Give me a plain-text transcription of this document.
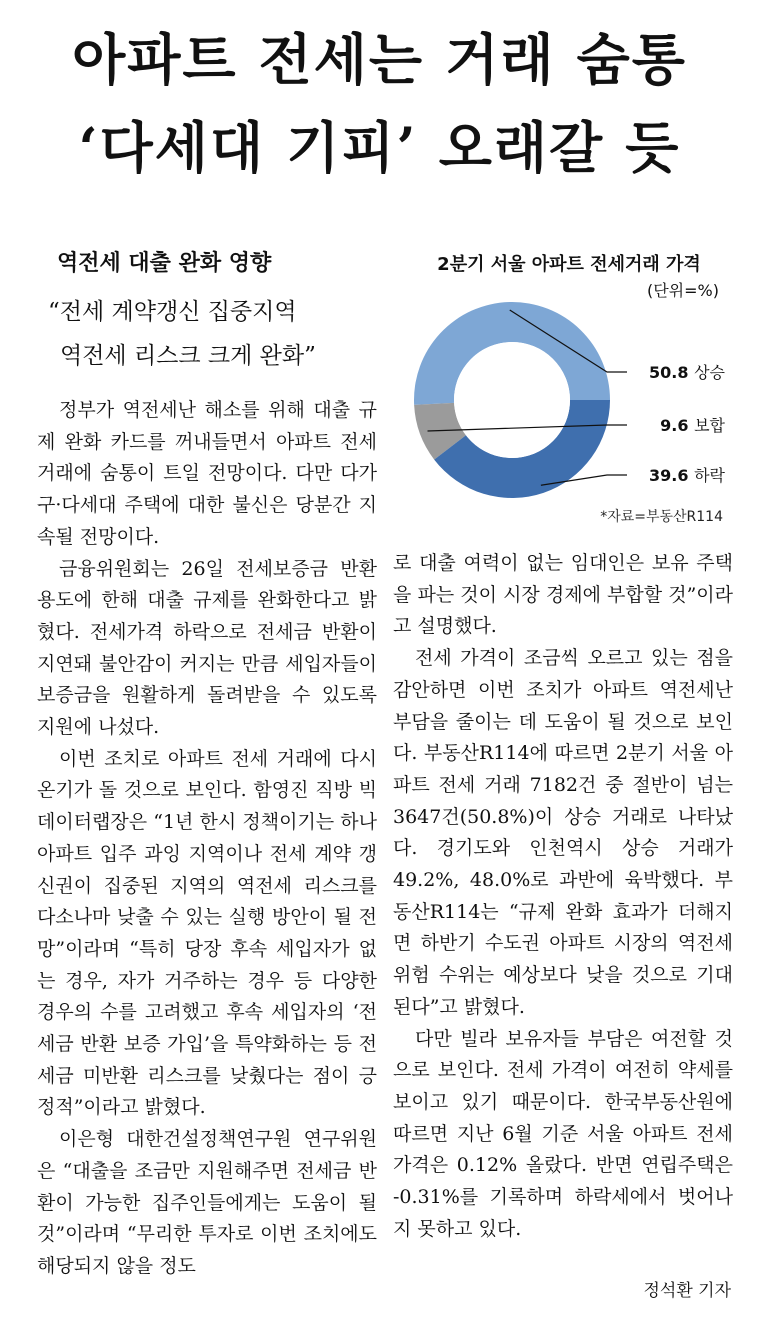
아파트 전세는 거래 숨통
‘다세대 기피’ 오래갈 듯
역전세 대출 완화 영향
“전세 계약갱신 집중지역
역전세 리스크 크게 완화”
2분기 서울 아파트 전세거래 가격
(단위=%)
50.8 상승
9.6 보합
39.6 하락
*자료=부동산R114

정부가 역전세난 해소를 위해 대출 규제 완화 카드를 꺼내들면서 아파트 전세 거래에 숨통이 트일 전망이다. 다만 다가구·다세대 주택에 대한 불신은 당분간 지속될 전망이다.

금융위원회는 26일 전세보증금 반환 용도에 한해 대출 규제를 완화한다고 밝혔다. 전세가격 하락으로 전세금 반환이 지연돼 불안감이 커지는 만큼 세입자들이 보증금을 원활하게 돌려받을 수 있도록 지원에 나섰다.

이번 조치로 아파트 전세 거래에 다시 온기가 돌 것으로 보인다. 함영진 직방 빅데이터랩장은 “1년 한시 정책이기는 하나 아파트 입주 과잉 지역이나 전세 계약 갱신권이 집중된 지역의 역전세 리스크를 다소나마 낮출 수 있는 실행 방안이 될 전망”이라며 “특히 당장 후속 세입자가 없는 경우, 자가 거주하는 경우 등 다양한 경우의 수를 고려했고 후속 세입자의 ‘전세금 반환 보증 가입’을 특약화하는 등 전세금 미반환 리스크를 낮췄다는 점이 긍정적”이라고 밝혔다.

이은형 대한건설정책연구원 연구위원은 “대출을 조금만 지원해주면 전세금 반환이 가능한 집주인들에게는 도움이 될 것”이라며 “무리한 투자로 이번 조치에도 해당되지 않을 정도

로 대출 여력이 없는 임대인은 보유 주택을 파는 것이 시장 경제에 부합할 것”이라고 설명했다.

전세 가격이 조금씩 오르고 있는 점을 감안하면 이번 조치가 아파트 역전세난 부담을 줄이는 데 도움이 될 것으로 보인다. 부동산R114에 따르면 2분기 서울 아파트 전세 거래 7182건 중 절반이 넘는 3647건(50.8%)이 상승 거래로 나타났다. 경기도와 인천역시 상승 거래가 49.2%, 48.0%로 과반에 육박했다. 부동산R114는 “규제 완화 효과가 더해지면 하반기 수도권 아파트 시장의 역전세 위험 수위는 예상보다 낮을 것으로 기대된다”고 밝혔다.

다만 빌라 보유자들 부담은 여전할 것으로 보인다. 전세 가격이 여전히 약세를 보이고 있기 때문이다. 한국부동산원에 따르면 지난 6월 기준 서울 아파트 전세 가격은 0.12% 올랐다. 반면 연립주택은 -0.31%를 기록하며 하락세에서 벗어나지 못하고 있다.

정석환 기자
